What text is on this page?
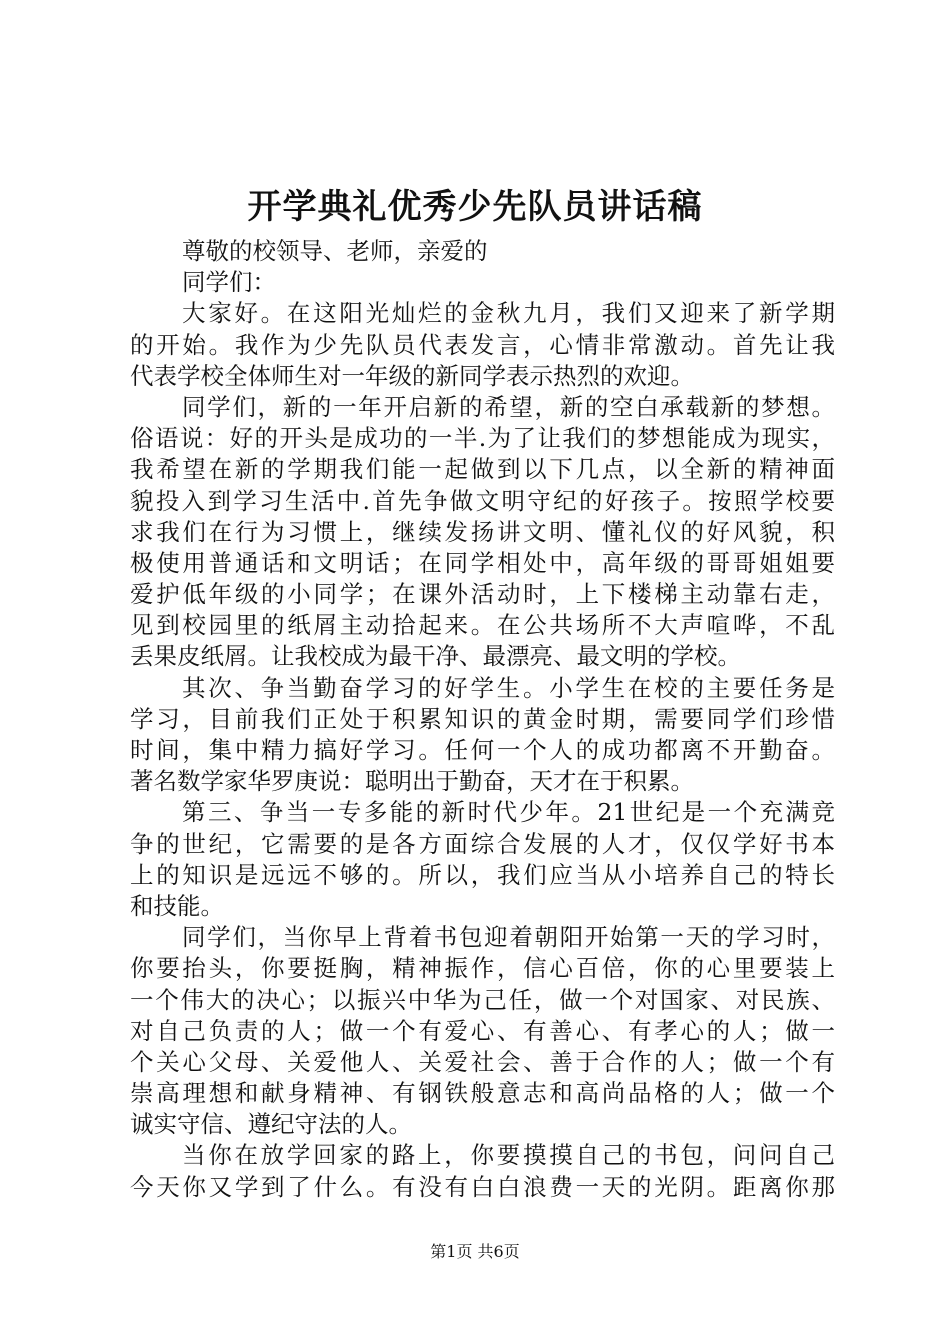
开学典礼优秀少先队员讲话稿
尊敬的校领导、老师，亲爱的
同学们：
大家好。在这阳光灿烂的金秋九月，我们又迎来了新学期
的开始。我作为少先队员代表发言，心情非常激动。首先让我
代表学校全体师生对一年级的新同学表示热烈的欢迎。
同学们，新的一年开启新的希望，新的空白承载新的梦想。
俗语说：好的开头是成功的一半.为了让我们的梦想能成为现实，
我希望在新的学期我们能一起做到以下几点，以全新的精神面
貌投入到学习生活中.首先争做文明守纪的好孩子。按照学校要
求我们在行为习惯上，继续发扬讲文明、懂礼仪的好风貌，积
极使用普通话和文明话；在同学相处中，高年级的哥哥姐姐要
爱护低年级的小同学；在课外活动时，上下楼梯主动靠右走，
见到校园里的纸屑主动拾起来。在公共场所不大声喧哗，不乱
丢果皮纸屑。让我校成为最干净、最漂亮、最文明的学校。
其次、争当勤奋学习的好学生。小学生在校的主要任务是
学习，目前我们正处于积累知识的黄金时期，需要同学们珍惜
时间，集中精力搞好学习。任何一个人的成功都离不开勤奋。
著名数学家华罗庚说：聪明出于勤奋，天才在于积累。
第三、争当一专多能的新时代少年。21世纪是一个充满竞
争的世纪，它需要的是各方面综合发展的人才，仅仅学好书本
上的知识是远远不够的。所以，我们应当从小培养自己的特长
和技能。
同学们，当你早上背着书包迎着朝阳开始第一天的学习时，
你要抬头，你要挺胸，精神振作，信心百倍，你的心里要装上
一个伟大的决心；以振兴中华为己任，做一个对国家、对民族、
对自己负责的人；做一个有爱心、有善心、有孝心的人；做一
个关心父母、关爱他人、关爱社会、善于合作的人；做一个有
崇高理想和献身精神、有钢铁般意志和高尚品格的人；做一个
诚实守信、遵纪守法的人。
当你在放学回家的路上，你要摸摸自己的书包，问问自己
今天你又学到了什么。有没有白白浪费一天的光阴。距离你那
第1页 共6页
